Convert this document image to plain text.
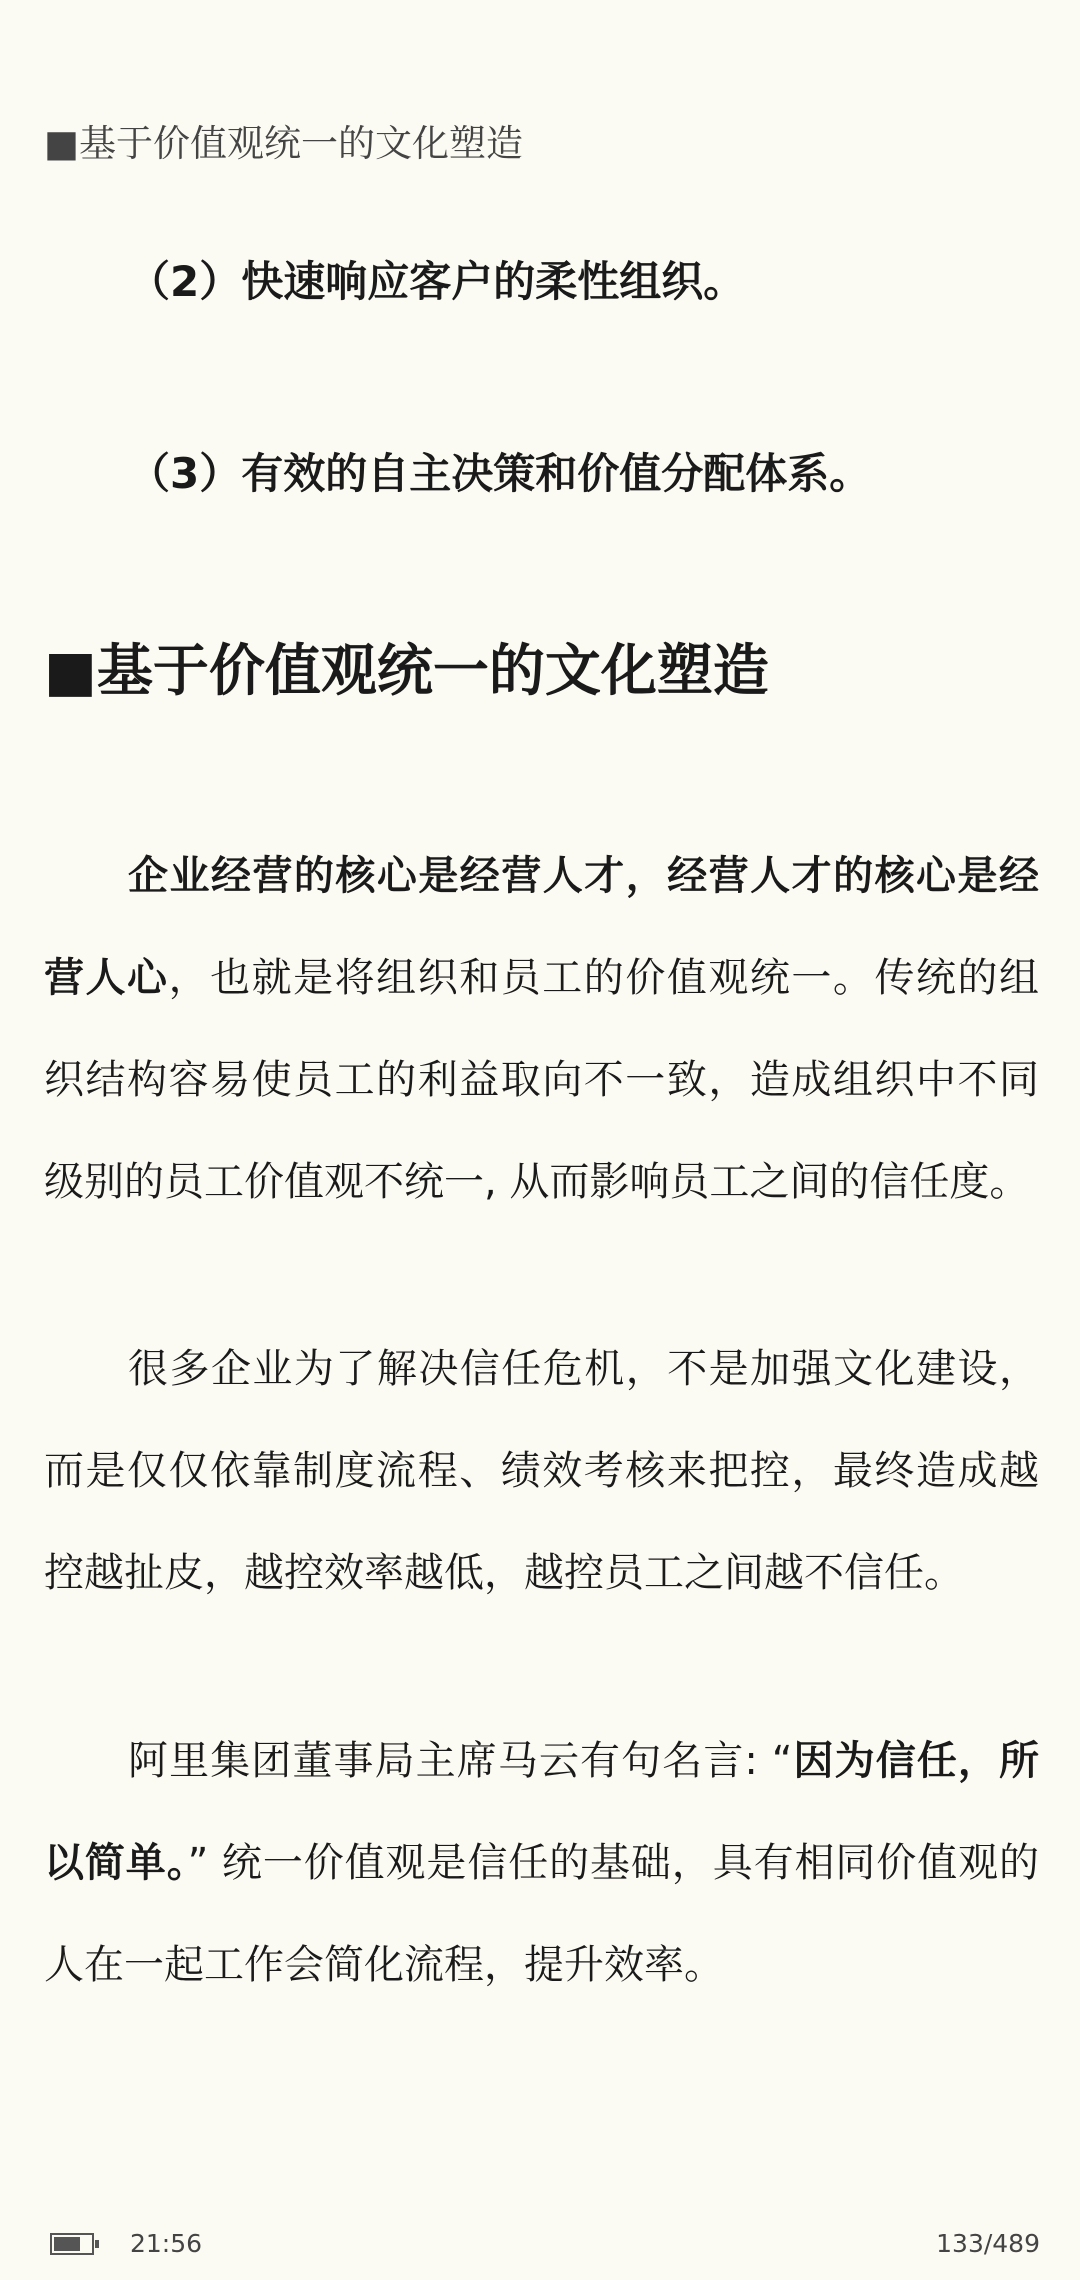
■基于价值观统一的文化塑造

（2）快速响应客户的柔性组织。

（3）有效的自主决策和价值分配体系。

■基于价值观统一的文化塑造

企业经营的核心是经营人才，经营人才的核心是经营人心，也就是将组织和员工的价值观统一。传统的组织结构容易使员工的利益取向不一致，造成组织中不同级别的员工价值观不统一, 从而影响员工之间的信任度。

很多企业为了解决信任危机，不是加强文化建设，而是仅仅依靠制度流程、绩效考核来把控，最终造成越控越扯皮，越控效率越低，越控员工之间越不信任。

阿里集团董事局主席马云有句名言: “因为信任，所以简单。” 统一价值观是信任的基础，具有相同价值观的人在一起工作会简化流程，提升效率。

21:56	133/489
